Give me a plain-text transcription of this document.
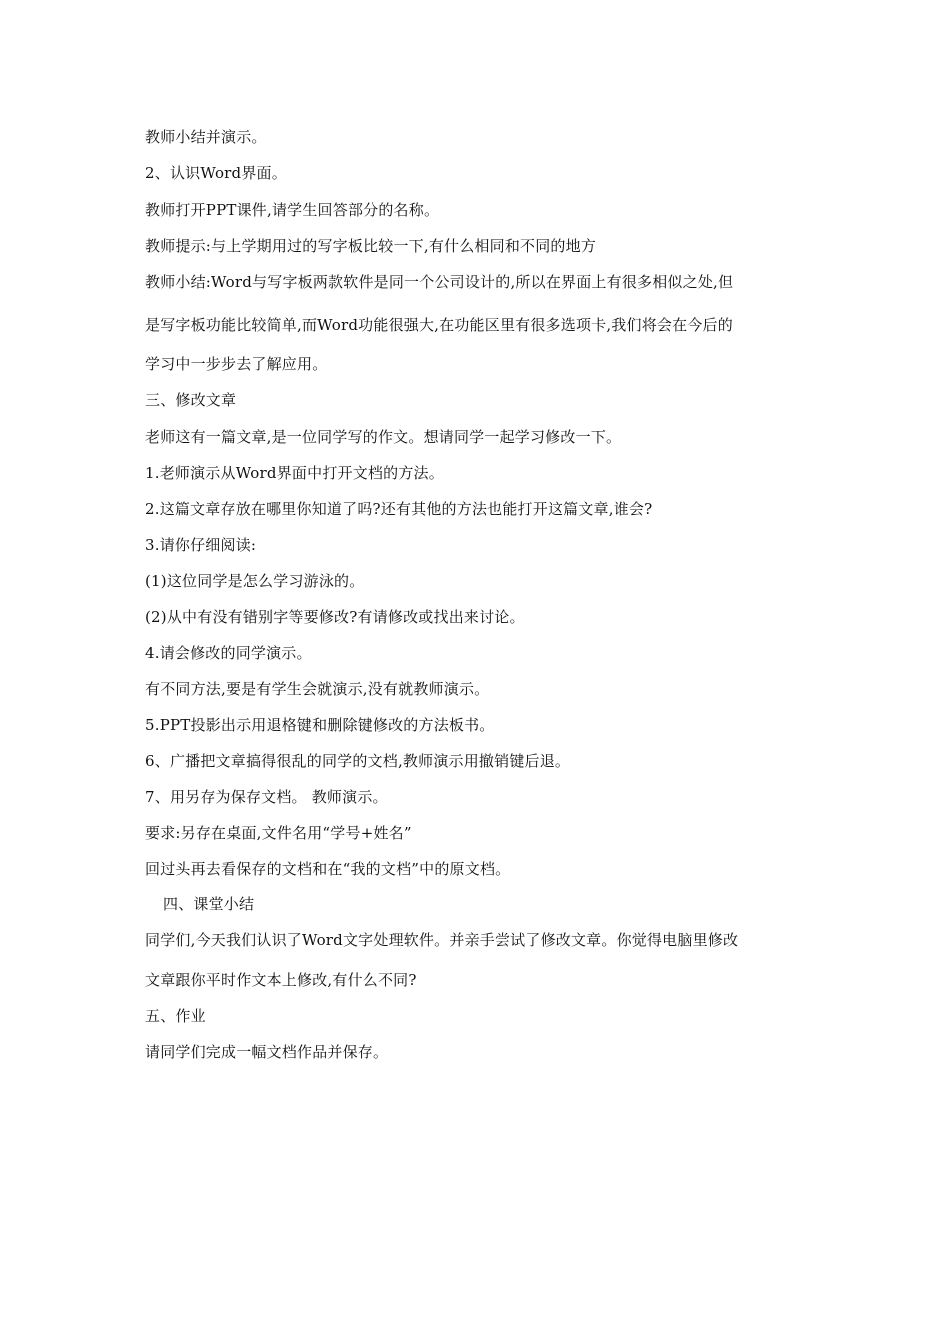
教师小结并演示。
2、认识Word界面。
教师打开PPT课件,请学生回答部分的名称。
教师提示:与上学期用过的写字板比较一下,有什么相同和不同的地方
教师小结:Word与写字板两款软件是同一个公司设计的,所以在界面上有很多相似之处,但
是写字板功能比较简单,而Word功能很强大,在功能区里有很多选项卡,我们将会在今后的
学习中一步步去了解应用。
三、修改文章
老师这有一篇文章,是一位同学写的作文。想请同学一起学习修改一下。
1.老师演示从Word界面中打开文档的方法。
2.这篇文章存放在哪里你知道了吗?还有其他的方法也能打开这篇文章,谁会?
3.请你仔细阅读:
(1)这位同学是怎么学习游泳的。
(2)从中有没有错别字等要修改?有请修改或找出来讨论。
4.请会修改的同学演示。
有不同方法,要是有学生会就演示,没有就教师演示。
5.PPT投影出示用退格键和删除键修改的方法板书。
6、广播把文章搞得很乱的同学的文档,教师演示用撤销键后退。
7、用另存为保存文档。 教师演示。
要求:另存在桌面,文件名用“学号+姓名”
回过头再去看保存的文档和在“我的文档”中的原文档。
四、课堂小结
同学们,今天我们认识了Word文字处理软件。并亲手尝试了修改文章。你觉得电脑里修改
文章跟你平时作文本上修改,有什么不同?
五、作业
请同学们完成一幅文档作品并保存。
